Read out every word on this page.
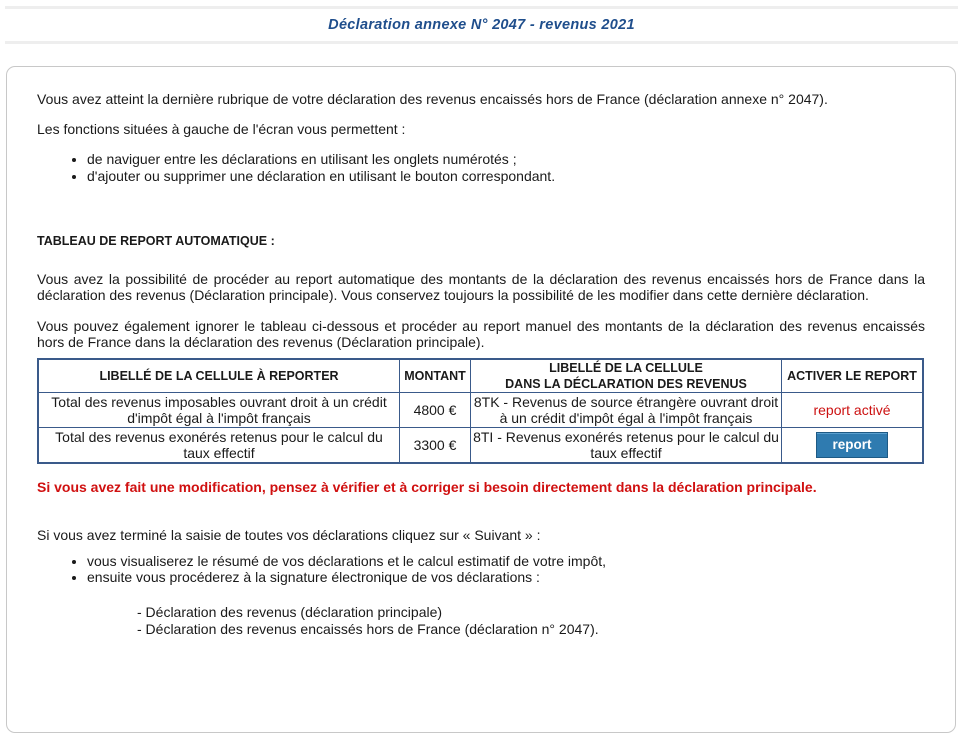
Déclaration annexe N° 2047 - revenus 2021

Vous avez atteint la dernière rubrique de votre déclaration des revenus encaissés hors de France (déclaration annexe n° 2047).

Les fonctions situées à gauche de l'écran vous permettent :

• de naviguer entre les déclarations en utilisant les onglets numérotés ;
• d'ajouter ou supprimer une déclaration en utilisant le bouton correspondant.

TABLEAU DE REPORT AUTOMATIQUE :

Vous avez la possibilité de procéder au report automatique des montants de la déclaration des revenus encaissés hors de France dans la déclaration des revenus (Déclaration principale). Vous conservez toujours la possibilité de les modifier dans cette dernière déclaration.

Vous pouvez également ignorer le tableau ci-dessous et procéder au report manuel des montants de la déclaration des revenus encaissés hors de France dans la déclaration des revenus (Déclaration principale).

LIBELLÉ DE LA CELLULE À REPORTER	MONTANT	LIBELLÉ DE LA CELLULE
DANS LA DÉCLARATION DES REVENUS	ACTIVER LE REPORT
Total des revenus imposables ouvrant droit à un crédit d'impôt égal à l'impôt français	4800 €	8TK - Revenus de source étrangère ouvrant droit à un crédit d'impôt égal à l'impôt français	report activé
Total des revenus exonérés retenus pour le calcul du taux effectif	3300 €	8TI - Revenus exonérés retenus pour le calcul du taux effectif	report

Si vous avez fait une modification, pensez à vérifier et à corriger si besoin directement dans la déclaration principale.

Si vous avez terminé la saisie de toutes vos déclarations cliquez sur « Suivant » :

• vous visualiserez le résumé de vos déclarations et le calcul estimatif de votre impôt,
• ensuite vous procéderez à la signature électronique de vos déclarations :
- Déclaration des revenus (déclaration principale)
- Déclaration des revenus encaissés hors de France (déclaration n° 2047).
